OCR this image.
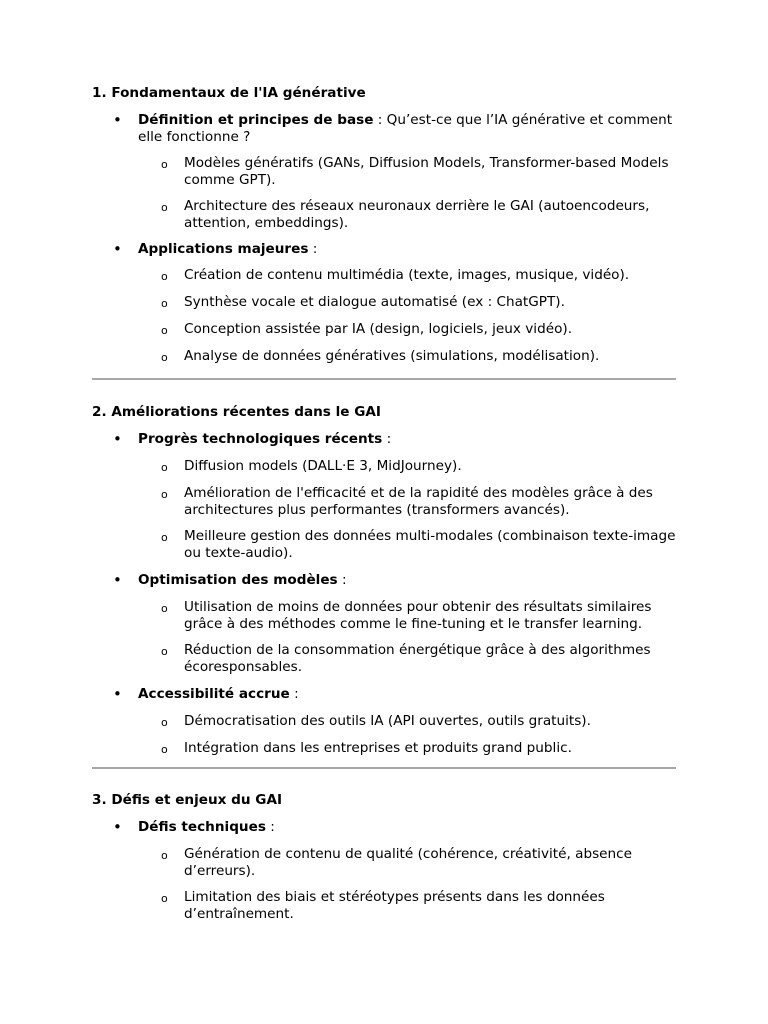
1. Fondamentaux de l'IA générative

• Définition et principes de base : Qu’est-ce que l’IA générative et comment elle fonctionne ?
o Modèles génératifs (GANs, Diffusion Models, Transformer-based Models comme GPT).
o Architecture des réseaux neuronaux derrière le GAI (autoencodeurs, attention, embeddings).
• Applications majeures :
o Création de contenu multimédia (texte, images, musique, vidéo).
o Synthèse vocale et dialogue automatisé (ex : ChatGPT).
o Conception assistée par IA (design, logiciels, jeux vidéo).
o Analyse de données génératives (simulations, modélisation).

2. Améliorations récentes dans le GAI

• Progrès technologiques récents :
o Diffusion models (DALL·E 3, MidJourney).
o Amélioration de l'efficacité et de la rapidité des modèles grâce à des architectures plus performantes (transformers avancés).
o Meilleure gestion des données multi-modales (combinaison texte-image ou texte-audio).
• Optimisation des modèles :
o Utilisation de moins de données pour obtenir des résultats similaires grâce à des méthodes comme le fine-tuning et le transfer learning.
o Réduction de la consommation énergétique grâce à des algorithmes écoresponsables.
• Accessibilité accrue :
o Démocratisation des outils IA (API ouvertes, outils gratuits).
o Intégration dans les entreprises et produits grand public.

3. Défis et enjeux du GAI

• Défis techniques :
o Génération de contenu de qualité (cohérence, créativité, absence d’erreurs).
o Limitation des biais et stéréotypes présents dans les données d’entraînement.
